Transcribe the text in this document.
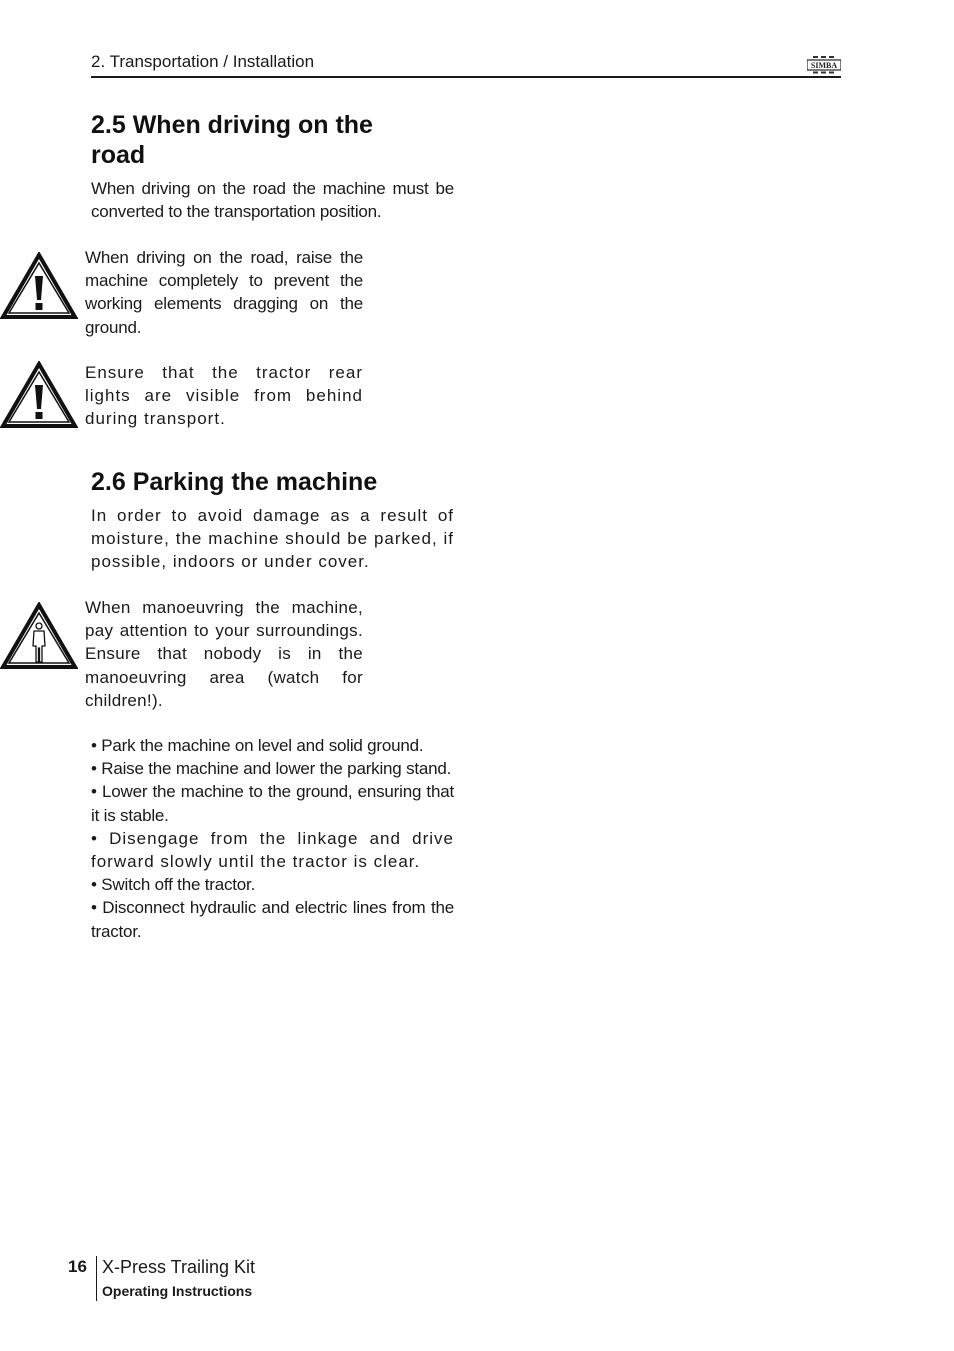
2. Transportation / Installation	SIMBA
2.5 When driving on the
road

When driving on the road the machine must be converted to the transportation position.

When driving on the road, raise the machine completely to prevent the working elements dragging on the ground.

Ensure that the tractor rear lights are visible from behind during transport.

2.6 Parking the machine

In order to avoid damage as a result of moisture, the machine should be parked, if possible, indoors or under cover.

When manoeuvring the machine, pay attention to your surroundings. Ensure that nobody is in the manoeuvring area (watch for children!).

• Park the machine on level and solid ground.

• Raise the machine and lower the parking stand.

• Lower the machine to the ground, ensuring that it is stable.

• Disengage from the linkage and drive forward slowly until the tractor is clear.

• Switch off the tractor.

• Disconnect hydraulic and electric lines from the tractor.

16 X-Press Trailing Kit
Operating Instructions
